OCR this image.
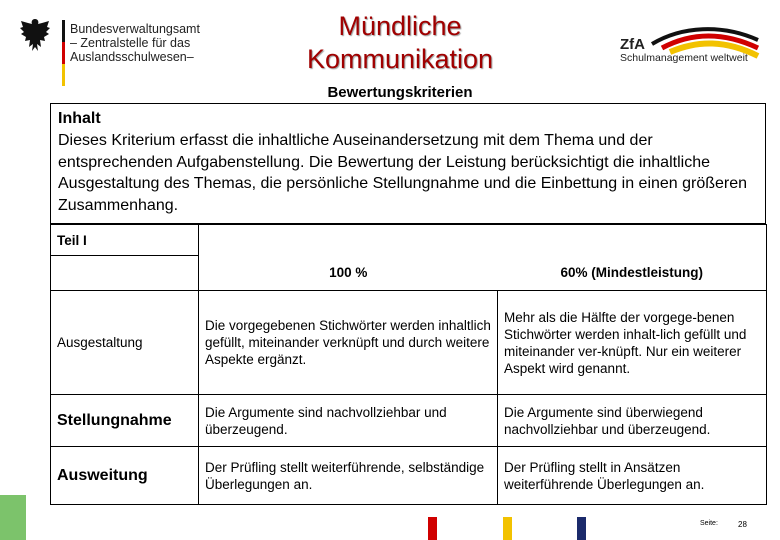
Bundesverwaltungsamt
– Zentralstelle für das
Auslandsschulwesen–
Mündliche
Kommunikation
Bewertungskriterien
ZfA
Schulmanagement weltweit
Inhalt
Dieses Kriterium erfasst die inhaltliche Auseinandersetzung mit dem Thema und der entsprechenden Aufgabenstellung. Die Bewertung der Leistung berücksichtigt die inhaltliche Ausgestaltung des Themas, die persönliche Stellungnahme und die Einbettung in einen größeren Zusammenhang.
Teil I		
	100 %	60% (Mindestleistung)
Ausgestaltung	Die vorgegebenen Stichwörter werden inhaltlich gefüllt, miteinander verknüpft und durch weitere Aspekte ergänzt.	Mehr als die Hälfte der vorgege-benen Stichwörter werden inhalt-lich gefüllt und miteinander ver-knüpft. Nur ein weiterer Aspekt wird genannt.
Stellungnahme	Die Argumente sind nachvollziehbar und überzeugend.	Die Argumente sind überwiegend nachvollziehbar und überzeugend.
Ausweitung	Der Prüfling stellt weiterführende, selbständige Überlegungen an.	Der Prüfling stellt in Ansätzen weiterführende Überlegungen an.
Seite:	28
